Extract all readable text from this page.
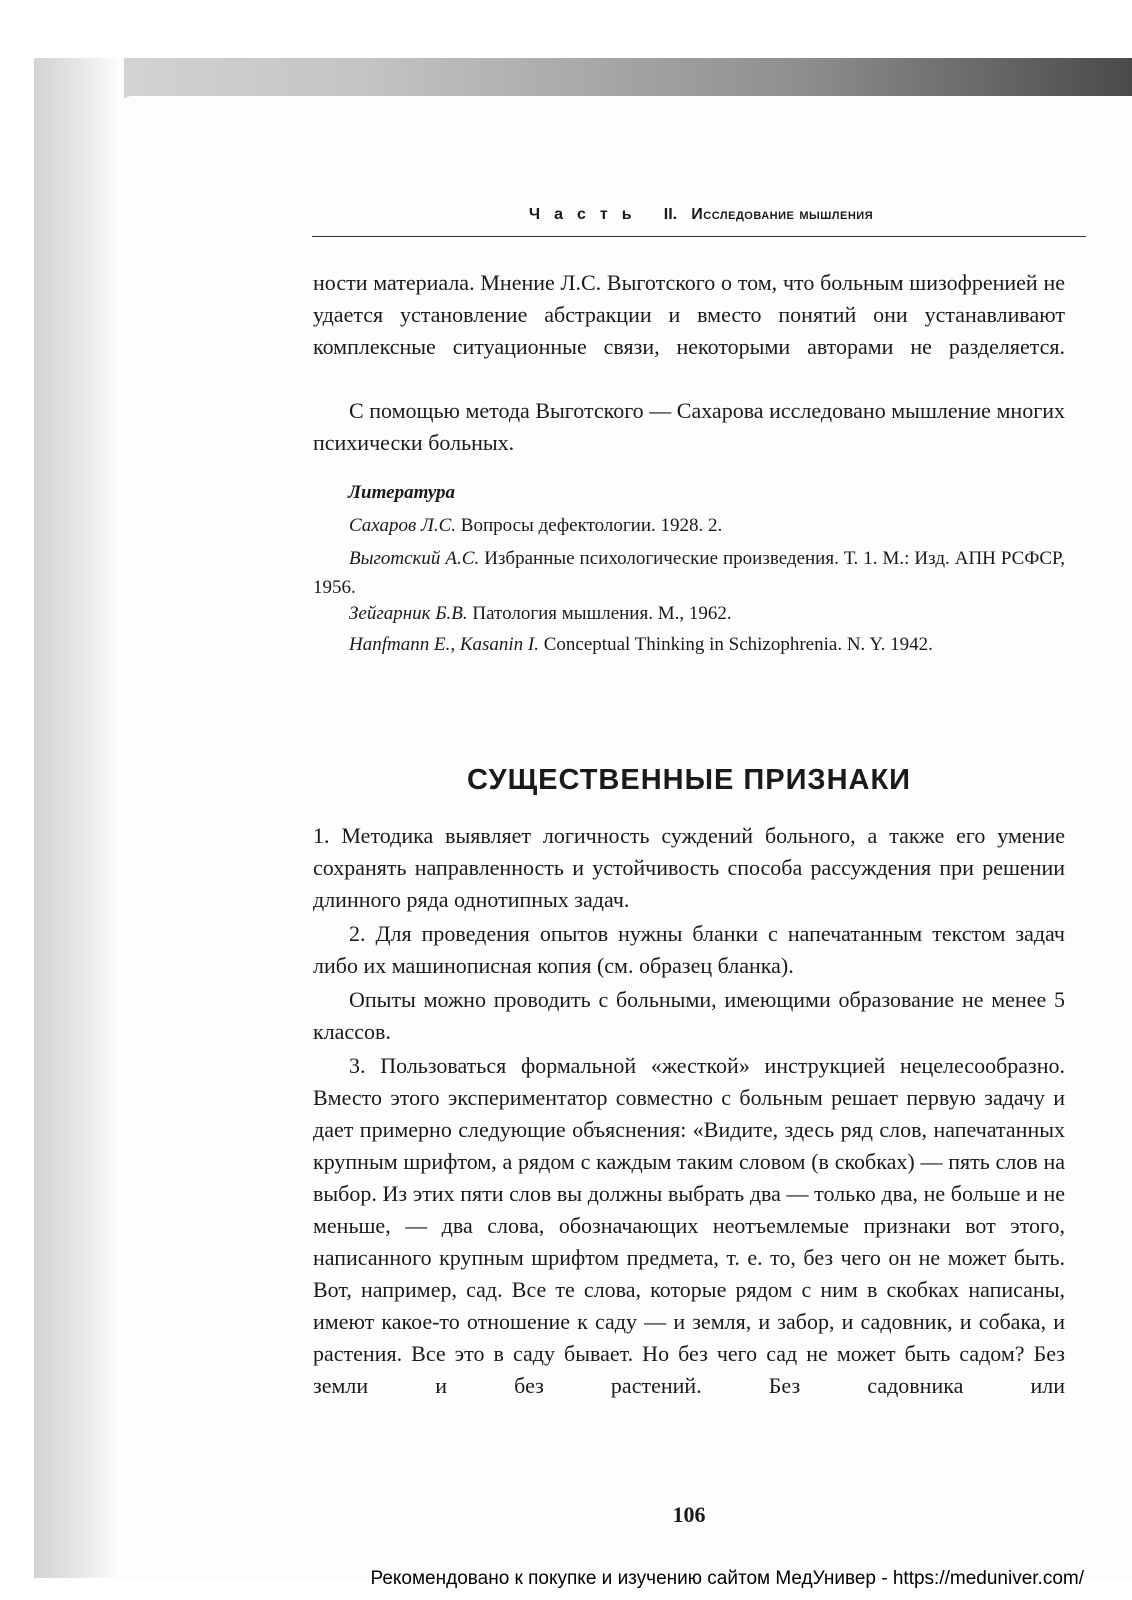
Часть II. Исследование мышления

ности материала. Мнение Л.С. Выготского о том, что больным шизофренией не удается установление абстракции и вместо понятий они устанавливают комплексные ситуационные связи, некоторыми авторами не разделяется.

С помощью метода Выготского — Сахарова исследовано мышление многих психически больных.

Литература

Сахаров Л.С. Вопросы дефектологии. 1928. 2.

Выготский А.С. Избранные психологические произведения. Т. 1. М.: Изд. АПН РСФСР, 1956.

Зейгарник Б.В. Патология мышления. М., 1962.

Hanfmann E., Kasanin I. Conceptual Thinking in Schizophrenia. N. Y. 1942.

СУЩЕСТВЕННЫЕ ПРИЗНАКИ

1. Методика выявляет логичность суждений больного, а также его умение сохранять направленность и устойчивость способа рассуждения при решении длинного ряда однотипных задач.

2. Для проведения опытов нужны бланки с напечатанным текстом задач либо их машинописная копия (см. образец бланка).

Опыты можно проводить с больными, имеющими образование не менее 5 классов.

3. Пользоваться формальной «жесткой» инструкцией нецелесообразно. Вместо этого экспериментатор совместно с больным решает первую задачу и дает примерно следующие объяснения: «Видите, здесь ряд слов, напечатанных крупным шрифтом, а рядом с каждым таким словом (в скобках) — пять слов на выбор. Из этих пяти слов вы должны выбрать два — только два, не больше и не меньше, — два слова, обозначающих неотъемлемые признаки вот этого, написанного крупным шрифтом предмета, т. е. то, без чего он не может быть. Вот, например, сад. Все те слова, которые рядом с ним в скобках написаны, имеют какое-то отношение к саду — и земля, и забор, и садовник, и собака, и растения. Все это в саду бывает. Но без чего сад не может быть садом? Без земли и без растений. Без садовника или

106
Рекомендовано к покупке и изучению сайтом МедУнивер - https://meduniver.com/
